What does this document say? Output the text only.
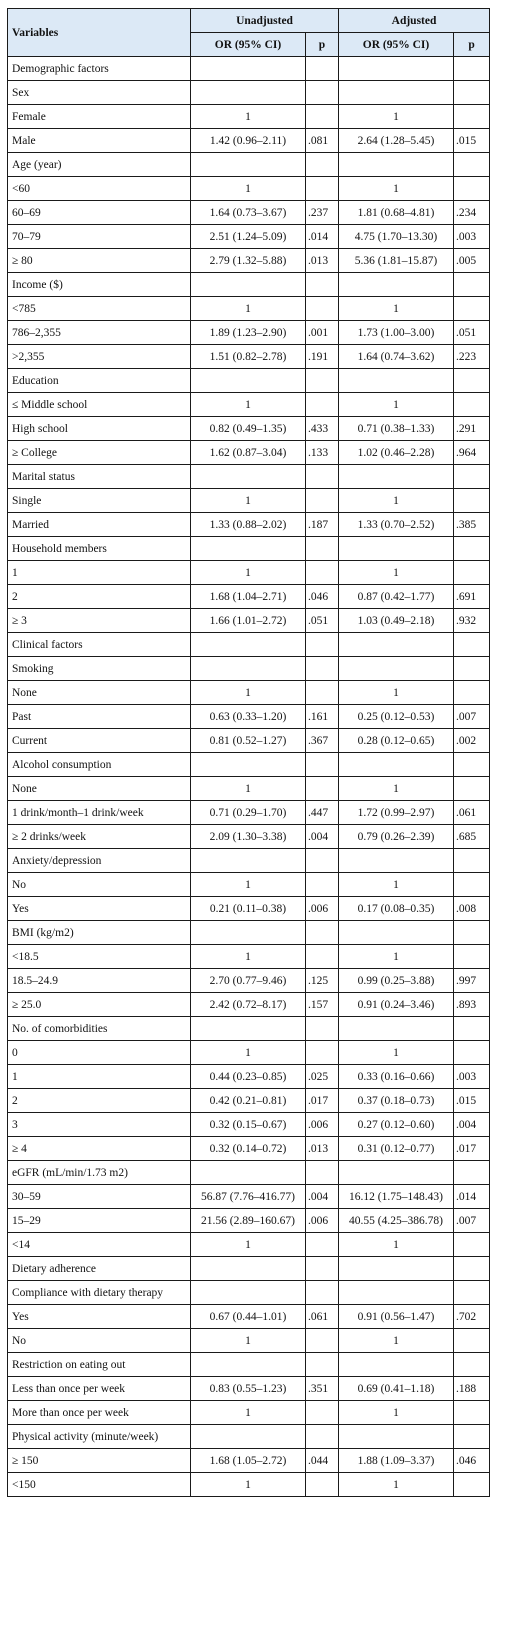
Variables	Unadjusted		Adjusted	
	OR (95% CI)	p	OR (95% CI)	p
Demographic factors				
Sex				
Female	1		1	
Male	1.42 (0.96–2.11)	.081	2.64 (1.28–5.45)	.015
Age (year)				
<60	1		1	
60–69	1.64 (0.73–3.67)	.237	1.81 (0.68–4.81)	.234
70–79	2.51 (1.24–5.09)	.014	4.75 (1.70–13.30)	.003
≥ 80	2.79 (1.32–5.88)	.013	5.36 (1.81–15.87)	.005
Income ($)				
<785	1		1	
786–2,355	1.89 (1.23–2.90)	.001	1.73 (1.00–3.00)	.051
>2,355	1.51 (0.82–2.78)	.191	1.64 (0.74–3.62)	.223
Education				
≤ Middle school	1		1	
High school	0.82 (0.49–1.35)	.433	0.71 (0.38–1.33)	.291
≥ College	1.62 (0.87–3.04)	.133	1.02 (0.46–2.28)	.964
Marital status				
Single	1		1	
Married	1.33 (0.88–2.02)	.187	1.33 (0.70–2.52)	.385
Household members				
1	1		1	
2	1.68 (1.04–2.71)	.046	0.87 (0.42–1.77)	.691
≥ 3	1.66 (1.01–2.72)	.051	1.03 (0.49–2.18)	.932
Clinical factors				
Smoking				
None	1		1	
Past	0.63 (0.33–1.20)	.161	0.25 (0.12–0.53)	.007
Current	0.81 (0.52–1.27)	.367	0.28 (0.12–0.65)	.002
Alcohol consumption				
None	1		1	
1 drink/month–1 drink/week	0.71 (0.29–1.70)	.447	1.72 (0.99–2.97)	.061
≥ 2 drinks/week	2.09 (1.30–3.38)	.004	0.79 (0.26–2.39)	.685
Anxiety/depression				
No	1		1	
Yes	0.21 (0.11–0.38)	.006	0.17 (0.08–0.35)	.008
BMI (kg/m2)				
<18.5	1		1	
18.5–24.9	2.70 (0.77–9.46)	.125	0.99 (0.25–3.88)	.997
≥ 25.0	2.42 (0.72–8.17)	.157	0.91 (0.24–3.46)	.893
No. of comorbidities				
0	1		1	
1	0.44 (0.23–0.85)	.025	0.33 (0.16–0.66)	.003
2	0.42 (0.21–0.81)	.017	0.37 (0.18–0.73)	.015
3	0.32 (0.15–0.67)	.006	0.27 (0.12–0.60)	.004
≥ 4	0.32 (0.14–0.72)	.013	0.31 (0.12–0.77)	.017
eGFR (mL/min/1.73 m2)				
30–59	56.87 (7.76–416.77)	.004	16.12 (1.75–148.43)	.014
15–29	21.56 (2.89–160.67)	.006	40.55 (4.25–386.78)	.007
<14	1		1	
Dietary adherence				
Compliance with dietary therapy				
Yes	0.67 (0.44–1.01)	.061	0.91 (0.56–1.47)	.702
No	1		1	
Restriction on eating out				
Less than once per week	0.83 (0.55–1.23)	.351	0.69 (0.41–1.18)	.188
More than once per week	1		1	
Physical activity (minute/week)				
≥ 150	1.68 (1.05–2.72)	.044	1.88 (1.09–3.37)	.046
<150	1		1	
